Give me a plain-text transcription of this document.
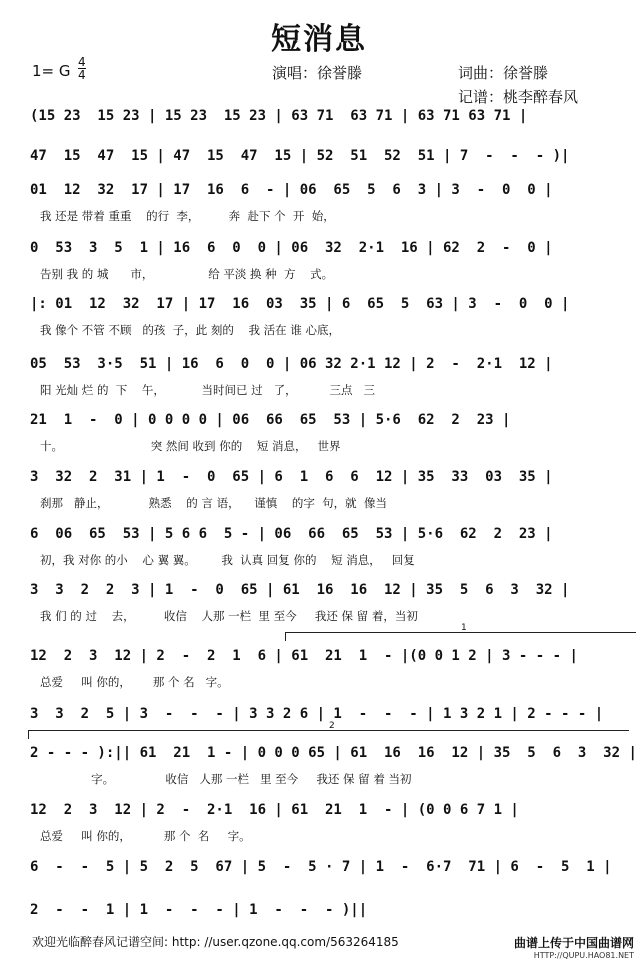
短消息
1= G 4
4	演唱：徐誉滕	词曲：徐誉滕
记谱：桃李醉春风
(15 23  15 23 | 15 23  15 23 | 63 71  63 71 | 63 71 63 71 |
47  15  47  15 | 47  15  47  15 | 52  51  52  51 | 7  -  -  - )|
01  12  32  17 | 17  16  6  - | 06  65  5  6  3 | 3  -  0  0 |
我 还是 带着 重重    的行  李，        奔  赴下 个  开  始，
0  53  3  5  1 | 16  6  0  0 | 06  32  2·1  16 | 62  2  -  0 |
告别 我 的 城      市，               给 平淡 换 种  方    式。
|: 01  12  32  17 | 17  16  03  35 | 6  65  5  63 | 3  -  0  0 |
我 像个 不管 不顾   的孩  子，此 刻的    我 活在 谁 心底，
05  53  3·5  51 | 16  6  0  0 | 06 32 2·1 12 | 2  -  2·1  12 |
阳 光灿 烂 的  下    午，          当时间已 过   了，         三点   三
21  1  -  0 | 0 0 0 0 | 06  66  65  53 | 5·6  62  2  23 |
十。                        突 然间 收到 你的    短 消息，   世界
3  32  2  31 | 1  -  0  65 | 6  1  6  6  12 | 35  33  03  35 |
刹那   静止，           熟悉    的 言 语，    谨慎    的字  句，就  像当
6  06  65  53 | 5 6 6  5 - | 06  66  65  53 | 5·6  62  2  23 |
初，我 对你 的小    心 翼 翼。       我  认真 回复 你的    短 消息，   回复
3  3  2  2  3 | 1  -  0  65 | 61  16  16  12 | 35  5  6  3  32 |
我 们 的 过    去，        收信    人那 一栏  里 至今     我还 保 留 着，当初
12  2  3  12 | 2  -  2  1  6 | 61  21  1  - |(0 0 1 2 | 3 - - - |
总爱     叫 你的，      那 个 名   字。
3  3  2  5 | 3  -  -  - | 3 3 2 6 | 1  -  -  - | 1 3 2 1 | 2 - - - |
2 - - - ):|| 61  21  1 - | 0 0 0 65 | 61  16  16  12 | 35  5  6  3  32 |
字。              收信   人那 一栏   里 至今     我还 保 留 着 当初
12  2  3  12 | 2  -  2·1  16 | 61  21  1  - | (0 0 6 7 1 |
总爱     叫 你的，         那 个  名     字。
6  -  -  5 | 5  2  5  67 | 5  -  5 · 7 | 1  -  6·7  71 | 6  -  5  1 |
2  -  -  1 | 1  -  -  - | 1  -  -  - )||
1
2
欢迎光临醉春风记谱空间: http: //user.qzone.qq.com/563264185	曲谱上传于中国曲谱网
HTTP://QUPU.HAO81.NET
